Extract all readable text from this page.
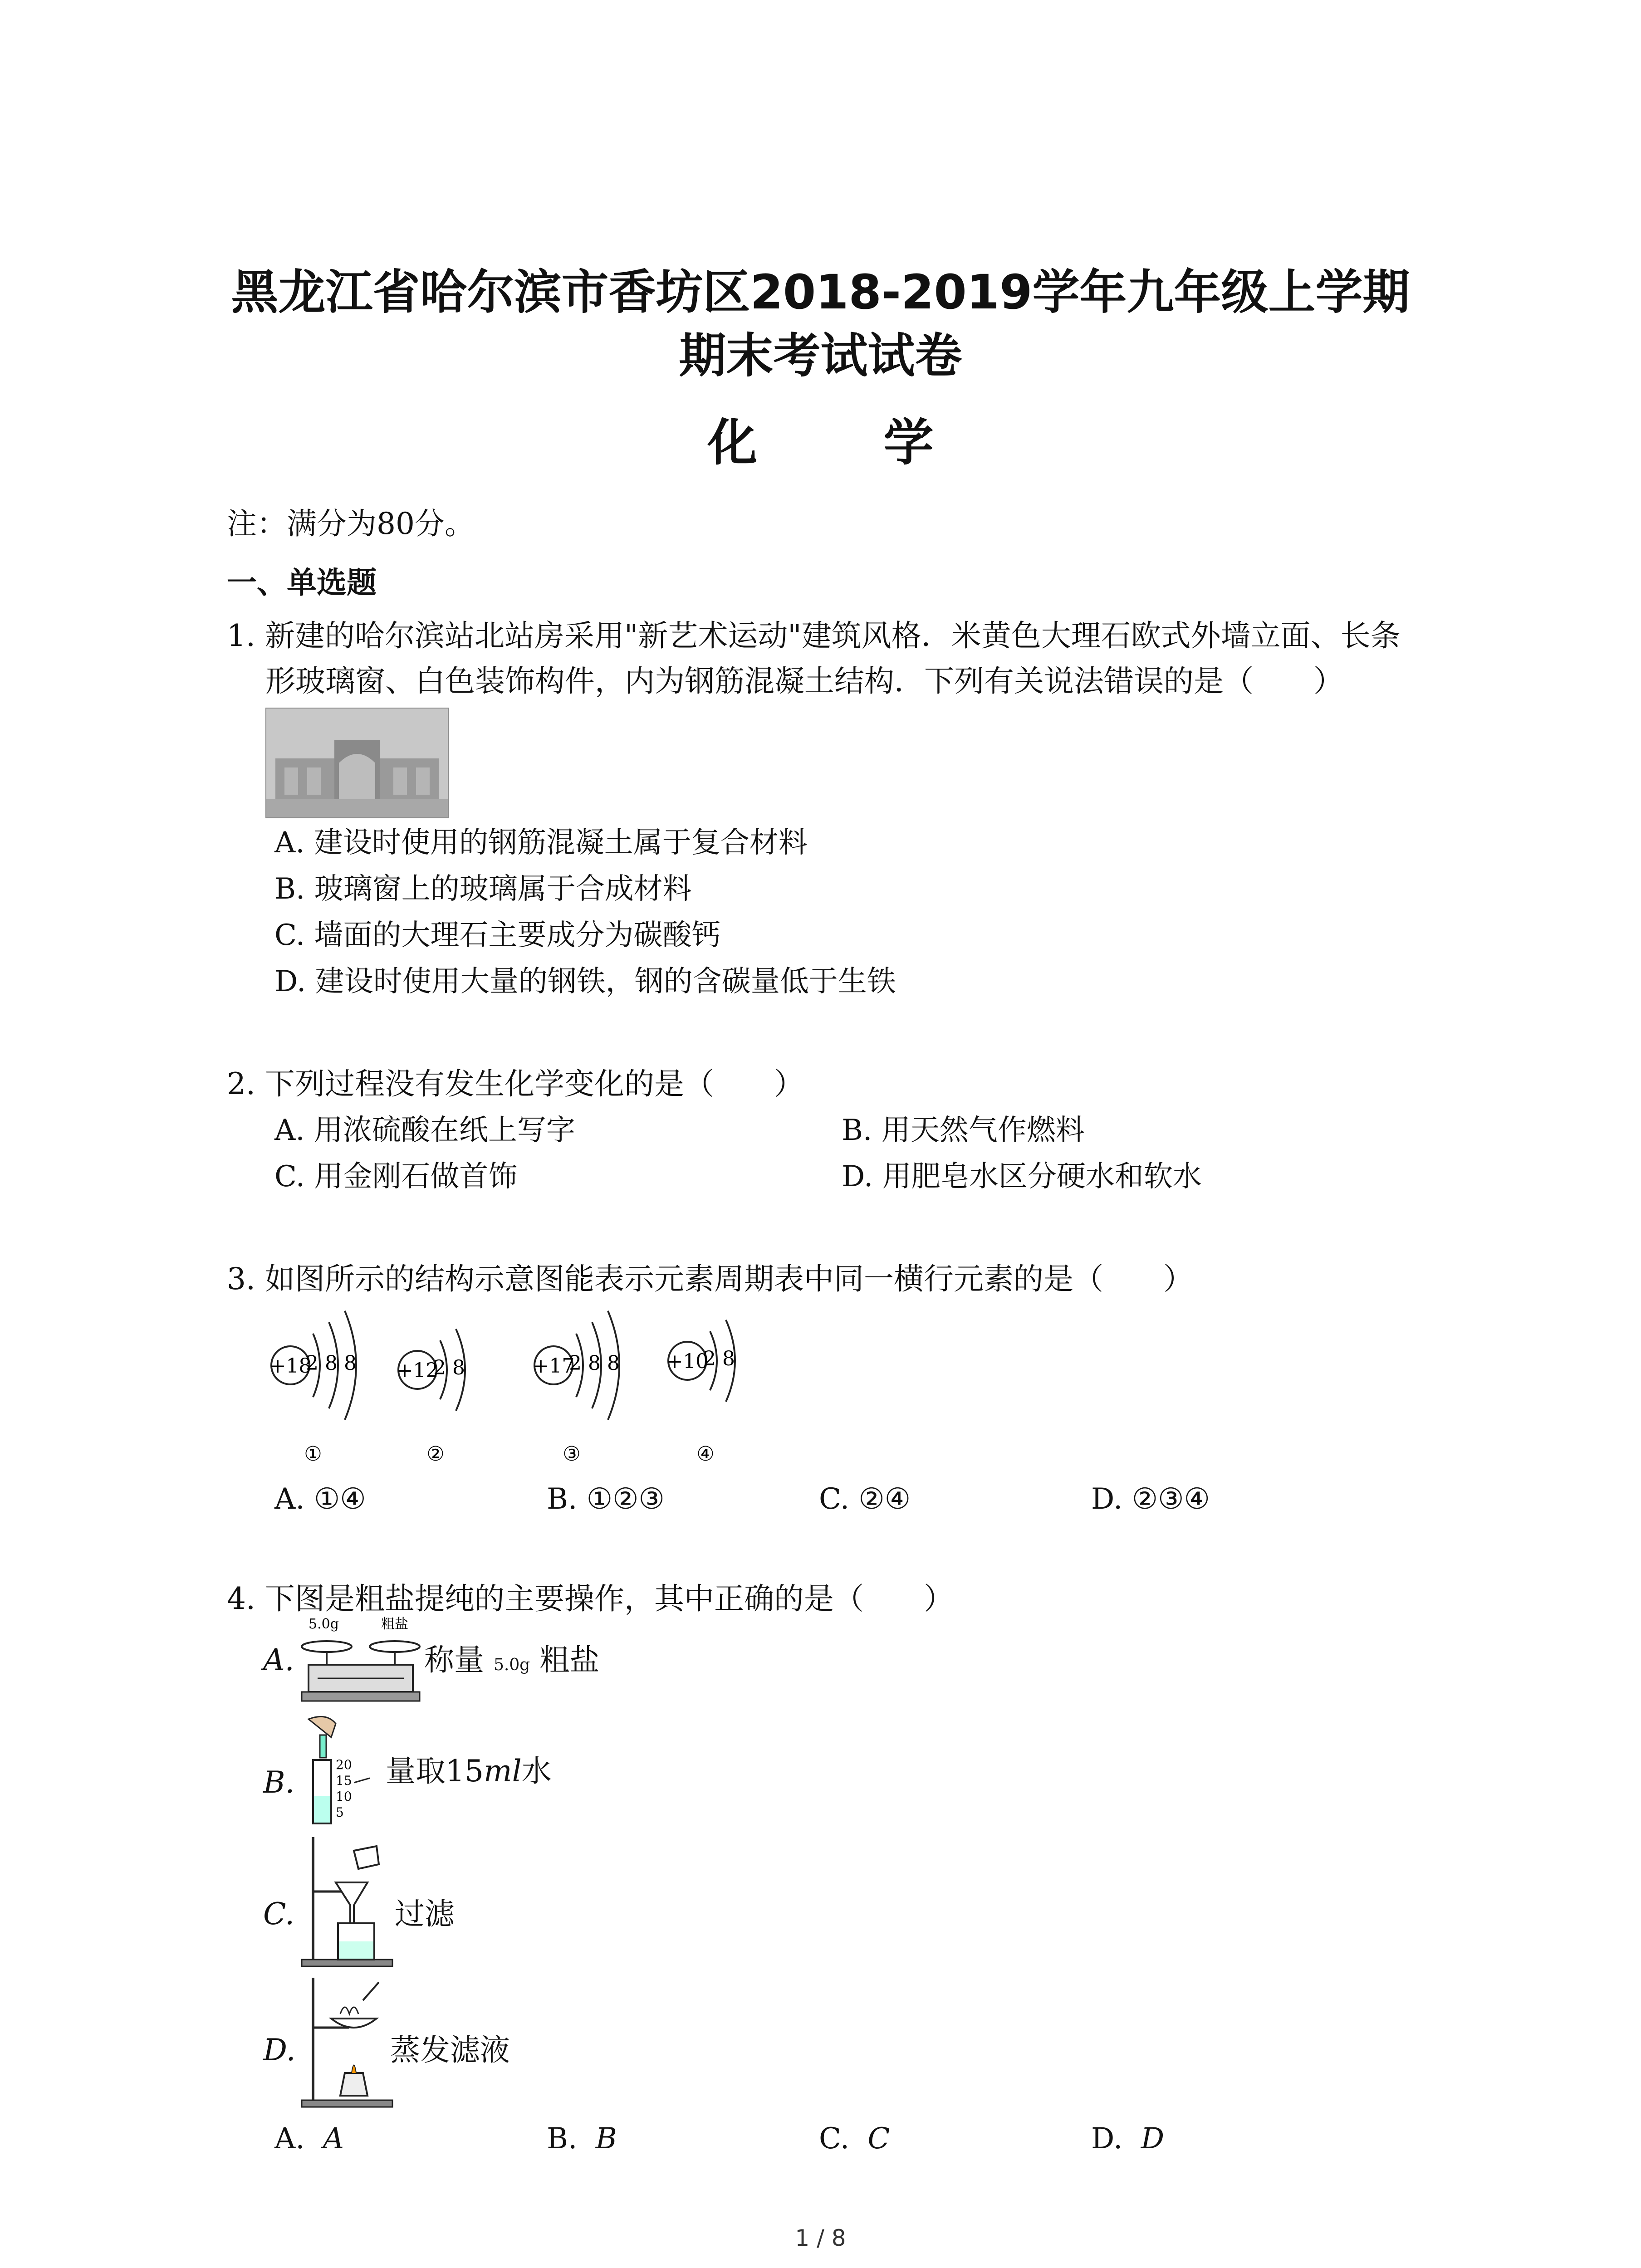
黑龙江省哈尔滨市香坊区2018-2019学年九年级上学期
期末考试试卷
化 学
注：满分为80分。
一、单选题
1. 新建的哈尔滨站北站房采用"新艺术运动"建筑风格．米黄色大理石欧式外墙立面、长条
形玻璃窗、白色装饰构件，内为钢筋混凝土结构．下列有关说法错误的是（　　）
A. 建设时使用的钢筋混凝土属于复合材料
B. 玻璃窗上的玻璃属于合成材料
C. 墙面的大理石主要成分为碳酸钙
D. 建设时使用大量的钢铁，钢的含碳量低于生铁
2. 下列过程没有发生化学变化的是（　　）
A. 用浓硫酸在纸上写字	B. 用天然气作燃料
C. 用金刚石做首饰	D. 用肥皂水区分硬水和软水
3. 如图所示的结构示意图能表示元素周期表中同一横行元素的是（　　）
+18
2 8 8
①
+12
2 8
②
+17
2 8 8
③
+10
2 8
④
A. ①④	B. ①②③	C. ②④	D. ②③④
4. 下图是粗盐提纯的主要操作，其中正确的是（　　）
A.
5.0g	粗盐
称量 5.0g 粗盐
B.
20
15
10
5
量取15ml水
C.	过滤
D.	蒸发滤液
A. A	B. B	C. C	D. D
1 / 8
